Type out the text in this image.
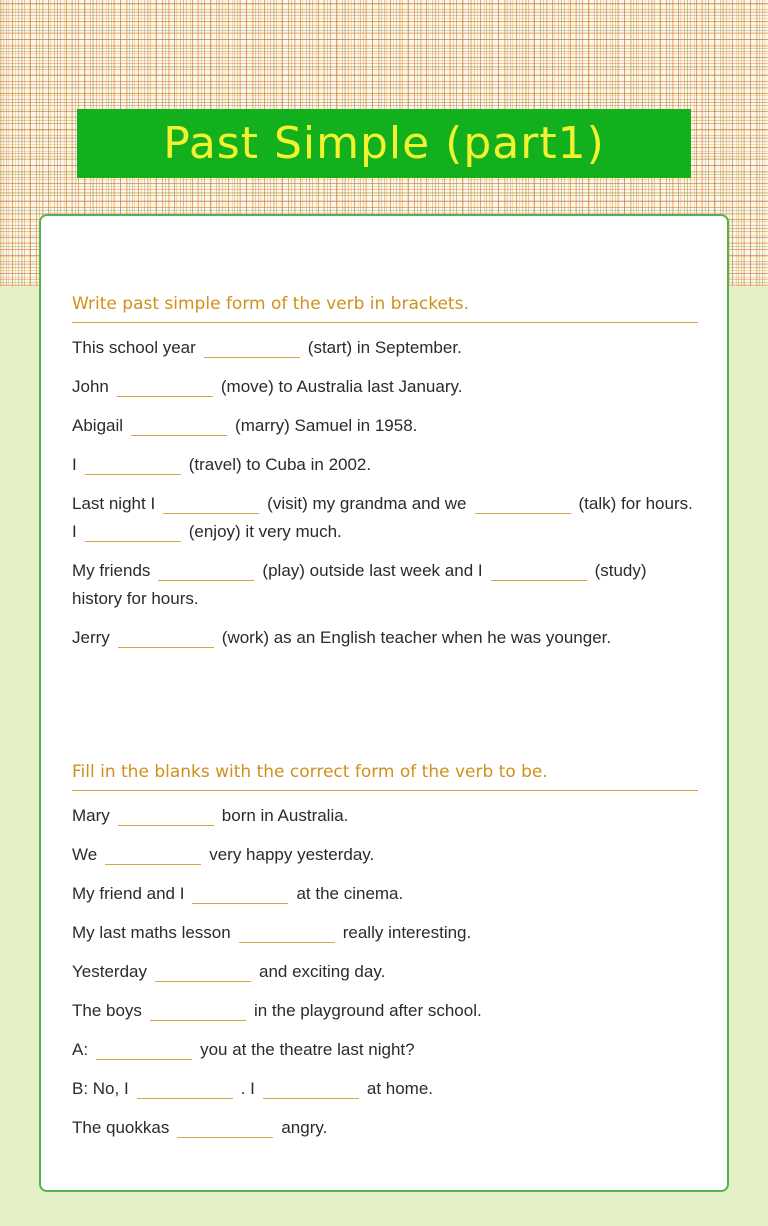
Past Simple (part1)

Write past simple form of the verb in brackets.

This school year	(start) in September.
John	(move) to Australia last January.
Abigail	(marry) Samuel in 1958.
I	(travel) to Cuba in 2002.
Last night I	(visit) my grandma and we	(talk) for hours. I	(enjoy) it very much.
My friends	(play) outside last week and I	(study) history for hours.
Jerry	(work) as an English teacher when he was younger.

Fill in the blanks with the correct form of the verb to be.

Mary	born in Australia.
We	very happy yesterday.
My friend and I	at the cinema.
My last maths lesson	really interesting.
Yesterday	and exciting day.
The boys	in the playground after school.
A:	you at the theatre last night?
B: No, I	. I	at home.
The quokkas	angry.
